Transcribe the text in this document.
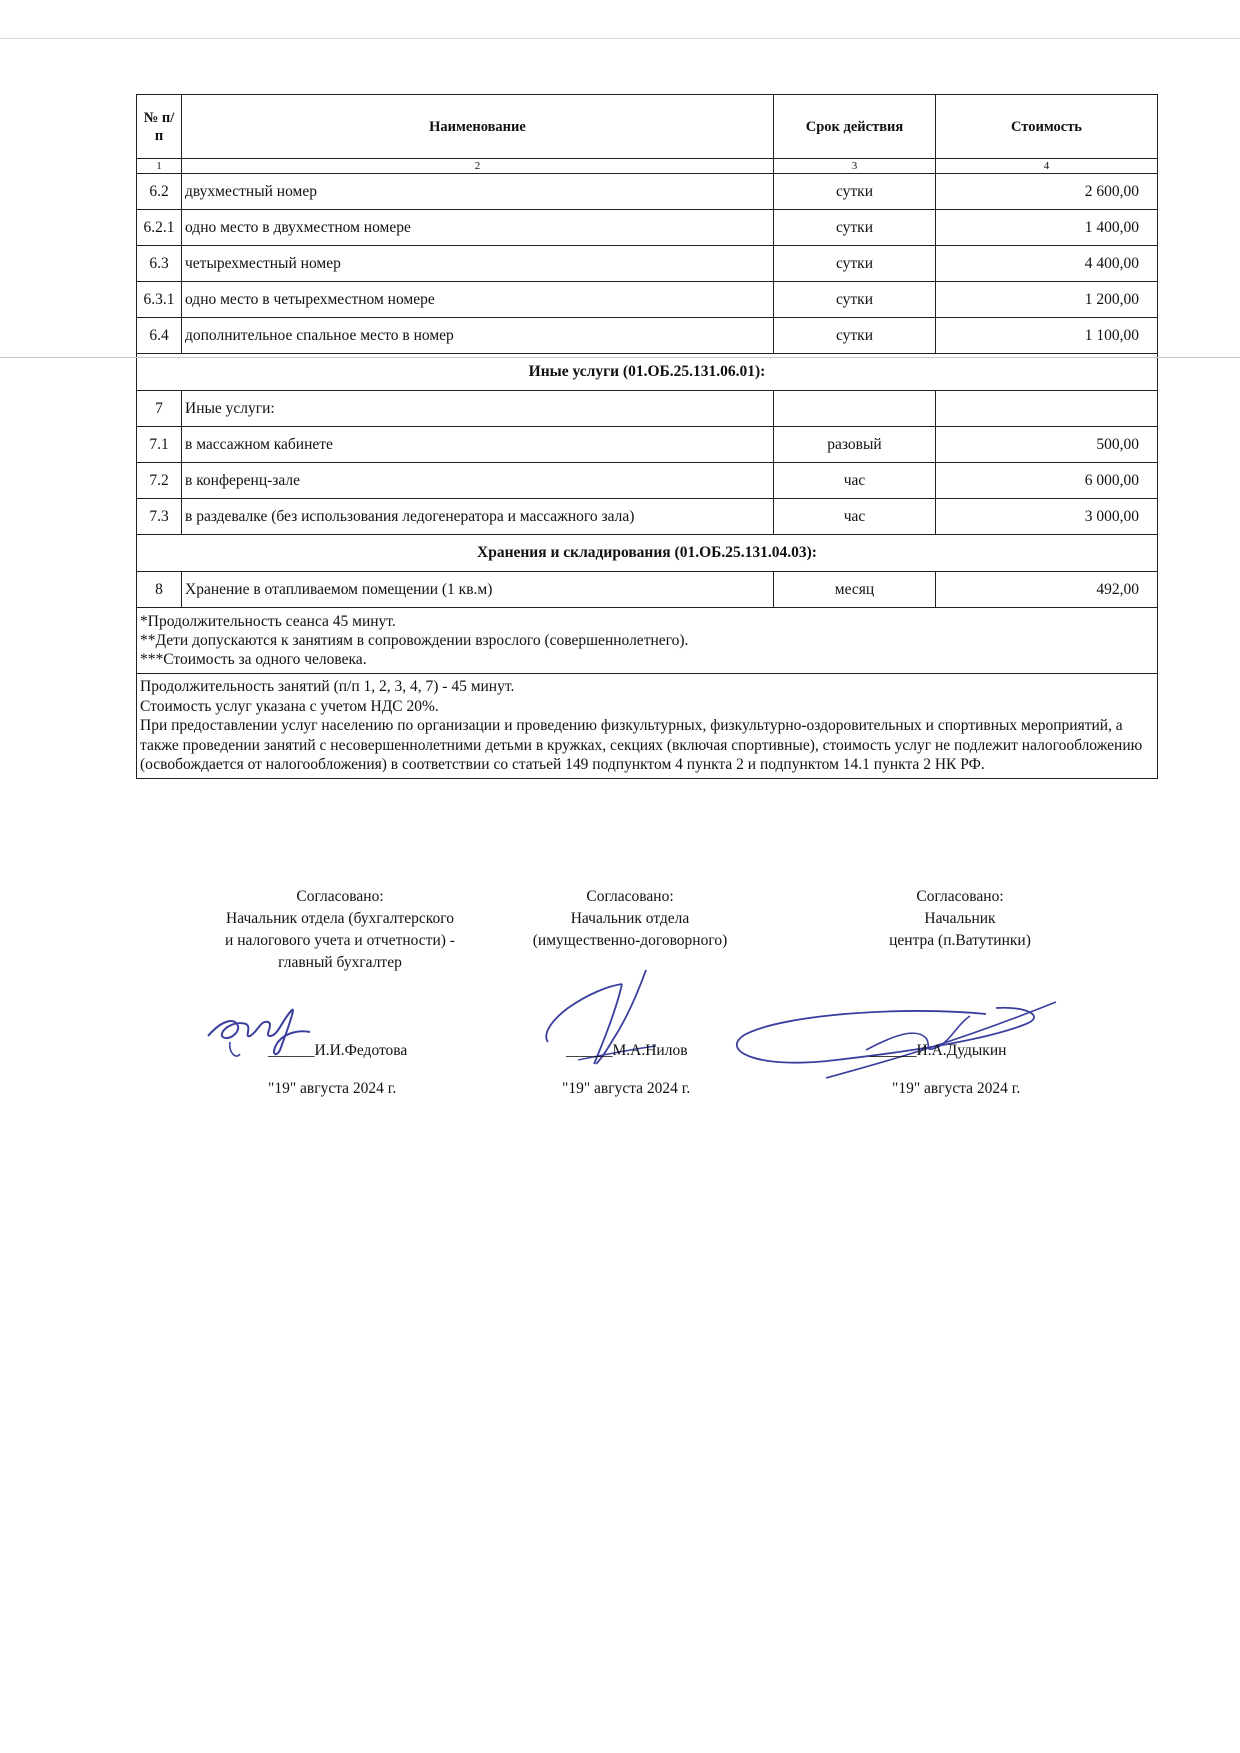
№ п/п	Наименование	Срок действия	Стоимость
1	2	3	4
6.2	двухместный номер	сутки	2 600,00
6.2.1	одно место в двухместном номере	сутки	1 400,00
6.3	четырехместный номер	сутки	4 400,00
6.3.1	одно место в четырехместном номере	сутки	1 200,00
6.4	дополнительное спальное место в номер	сутки	1 100,00
Иные услуги (01.ОБ.25.131.06.01):			
7	Иные услуги:		
7.1	в массажном кабинете	разовый	500,00
7.2	в конференц-зале	час	6 000,00
7.3	в раздевалке (без использования ледогенератора и массажного зала)	час	3 000,00
Хранения и складирования (01.ОБ.25.131.04.03):			
8	Хранение в отапливаемом помещении (1 кв.м)	месяц	492,00

*Продолжительность сеанса 45 минут.
**Дети допускаются к занятиям в сопровождении взрослого (совершеннолетнего).
***Стоимость за одного человека.			

Продолжительность занятий (п/п 1, 2, 3, 4, 7) - 45 минут.

Стоимость услуг указана с учетом НДС 20%.

При предоставлении услуг населению по организации и проведению физкультурных, физкультурно-оздоровительных и спортивных мероприятий, а также проведении занятий с несовершеннолетними детьми в кружках, секциях (включая спортивные), стоимость услуг не подлежит налогообложению (освобождается от налогообложения) в соответствии со статьей 149 подпунктом 4 пункта 2 и подпунктом 14.1 пункта 2 НК РФ.			

Согласовано:
Начальник отдела (бухгалтерского
и налогового учета и отчетности) -
главный бухгалтер
______И.И.Федотова
"19" августа 2024 г.
Согласовано:
Начальник отдела
(имущественно-договорного)
______М.А.Нилов
"19" августа 2024 г.
Согласовано:
Начальник
центра (п.Ватутинки)
______И.А.Дудыкин
"19" августа 2024 г.
